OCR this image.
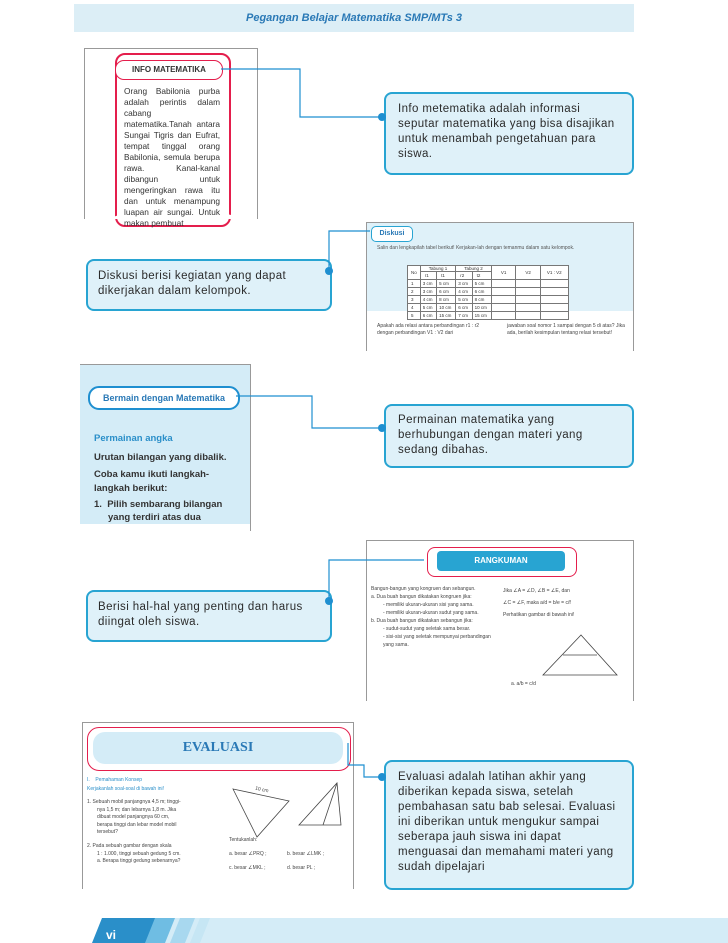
Pegangan Belajar Matematika SMP/MTs 3
INFO MATEMATIKA
Orang Babilonia purba adalah perintis dalam cabang matematika.Tanah antara Sungai Tigris dan Eufrat, tempat tinggal orang Babilonia, semula berupa rawa. Kanal-kanal dibangun untuk mengeringkan rawa itu dan untuk menampung luapan air sungai. Untuk makan pembuat
Info metematika adalah informasi seputar matematika yang bisa disajikan untuk menambah pengetahuan para siswa.
Diskusi
Salin dan lengkapilah tabel berikut! Kerjakan-lah dengan temanmu dalam satu kelompok.
No	Tabung 1		Tabung 2		V1	V2	V1 : V2
	r1	t1	r2	t2			
1	3 cm	5 cm	3 cm	5 cm			
2	3 cm	6 cm	4 cm	6 cm			
3	4 cm	8 cm	5 cm	8 cm			
4	5 cm	10 cm	6 cm	10 cm			
5	6 cm	15 cm	7 cm	15 cm			
Apakah ada relasi antara perbandingan r1 : r2 dengan perbandingan V1 : V2 dari
jawaban soal nomor 1 sampai dengan 5 di atas? Jika ada, berilah kesimpulan tentang relasi tersebut!
Diskusi berisi kegiatan yang dapat dikerjakan dalam kelompok.
Bermain dengan Matematika
Permainan angka
Urutan bilangan yang dibalik.
Coba kamu ikuti langkah-
langkah berikut:
1.  Pilih sembarang bilangan
yang terdiri atas dua
Permainan matematika yang berhubungan dengan materi yang sedang dibahas.
RANGKUMAN
Bangun-bangun yang kongruen dan sebangun.
a. Dua buah bangun dikatakan kongruen jika:
- memiliki ukuran-ukuran sisi yang sama.
- memiliki ukuran-ukuran sudut yang sama.
b. Dua buah bangun dikatakan sebangun jika:
- sudut-sudut yang seletak sama besar.
- sisi-sisi yang seletak mempunyai perbandingan yang sama.
Jika ∠A = ∠D, ∠B = ∠E, dan
∠C = ∠F, maka a/d = b/e = c/f
Perhatikan gambar di bawah ini!
a. a/b = c/d
Berisi hal-hal yang penting dan harus diingat oleh siswa.
EVALUASI
I.    Pemahaman Konsep
Kerjakanlah soal-soal di bawah ini!
1. Sebuah mobil panjangnya 4,5 m; tinggi-
nya 1,5 m; dan lebarnya 1,8 m. Jika
dibuat model panjangnya 60 cm,
berapa tinggi dan lebar model mobil
tersebut?
2. Pada sebuah gambar dengan skala
1 : 1.000, tinggi sebuah gedung 5 cm.
a. Berapa tinggi gedung sebenarnya?
10 cm
Tentukanlah:
a. besar ∠PRQ ;	b. besar ∠LMK ;
c. besar ∠MKL ;	d. besar PL ;
Evaluasi adalah latihan akhir yang diberikan kepada siswa, setelah pembahasan satu bab selesai. Evaluasi ini diberikan untuk mengukur sampai seberapa jauh siswa ini dapat menguasai dan memahami materi yang sudah dipelajari
vi
